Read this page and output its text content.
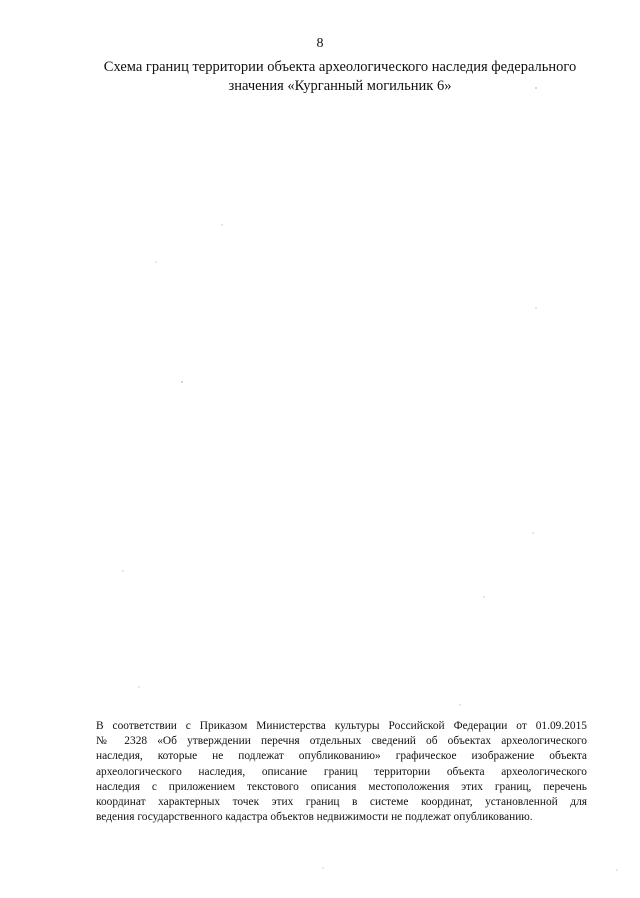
8
Схема границ территории объекта археологического наследия федерального
значения «Курганный могильник 6»
В соответствии с Приказом Министерства культуры Российской Федерации от 01.09.2015
№ 2328 «Об утверждении перечня отдельных сведений об объектах археологического
наследия, которые не подлежат опубликованию» графическое изображение объекта
археологического наследия, описание границ территории объекта археологического
наследия с приложением текстового описания местоположения этих границ, перечень
координат характерных точек этих границ в системе координат, установленной для
ведения государственного кадастра объектов недвижимости не подлежат опубликованию.
